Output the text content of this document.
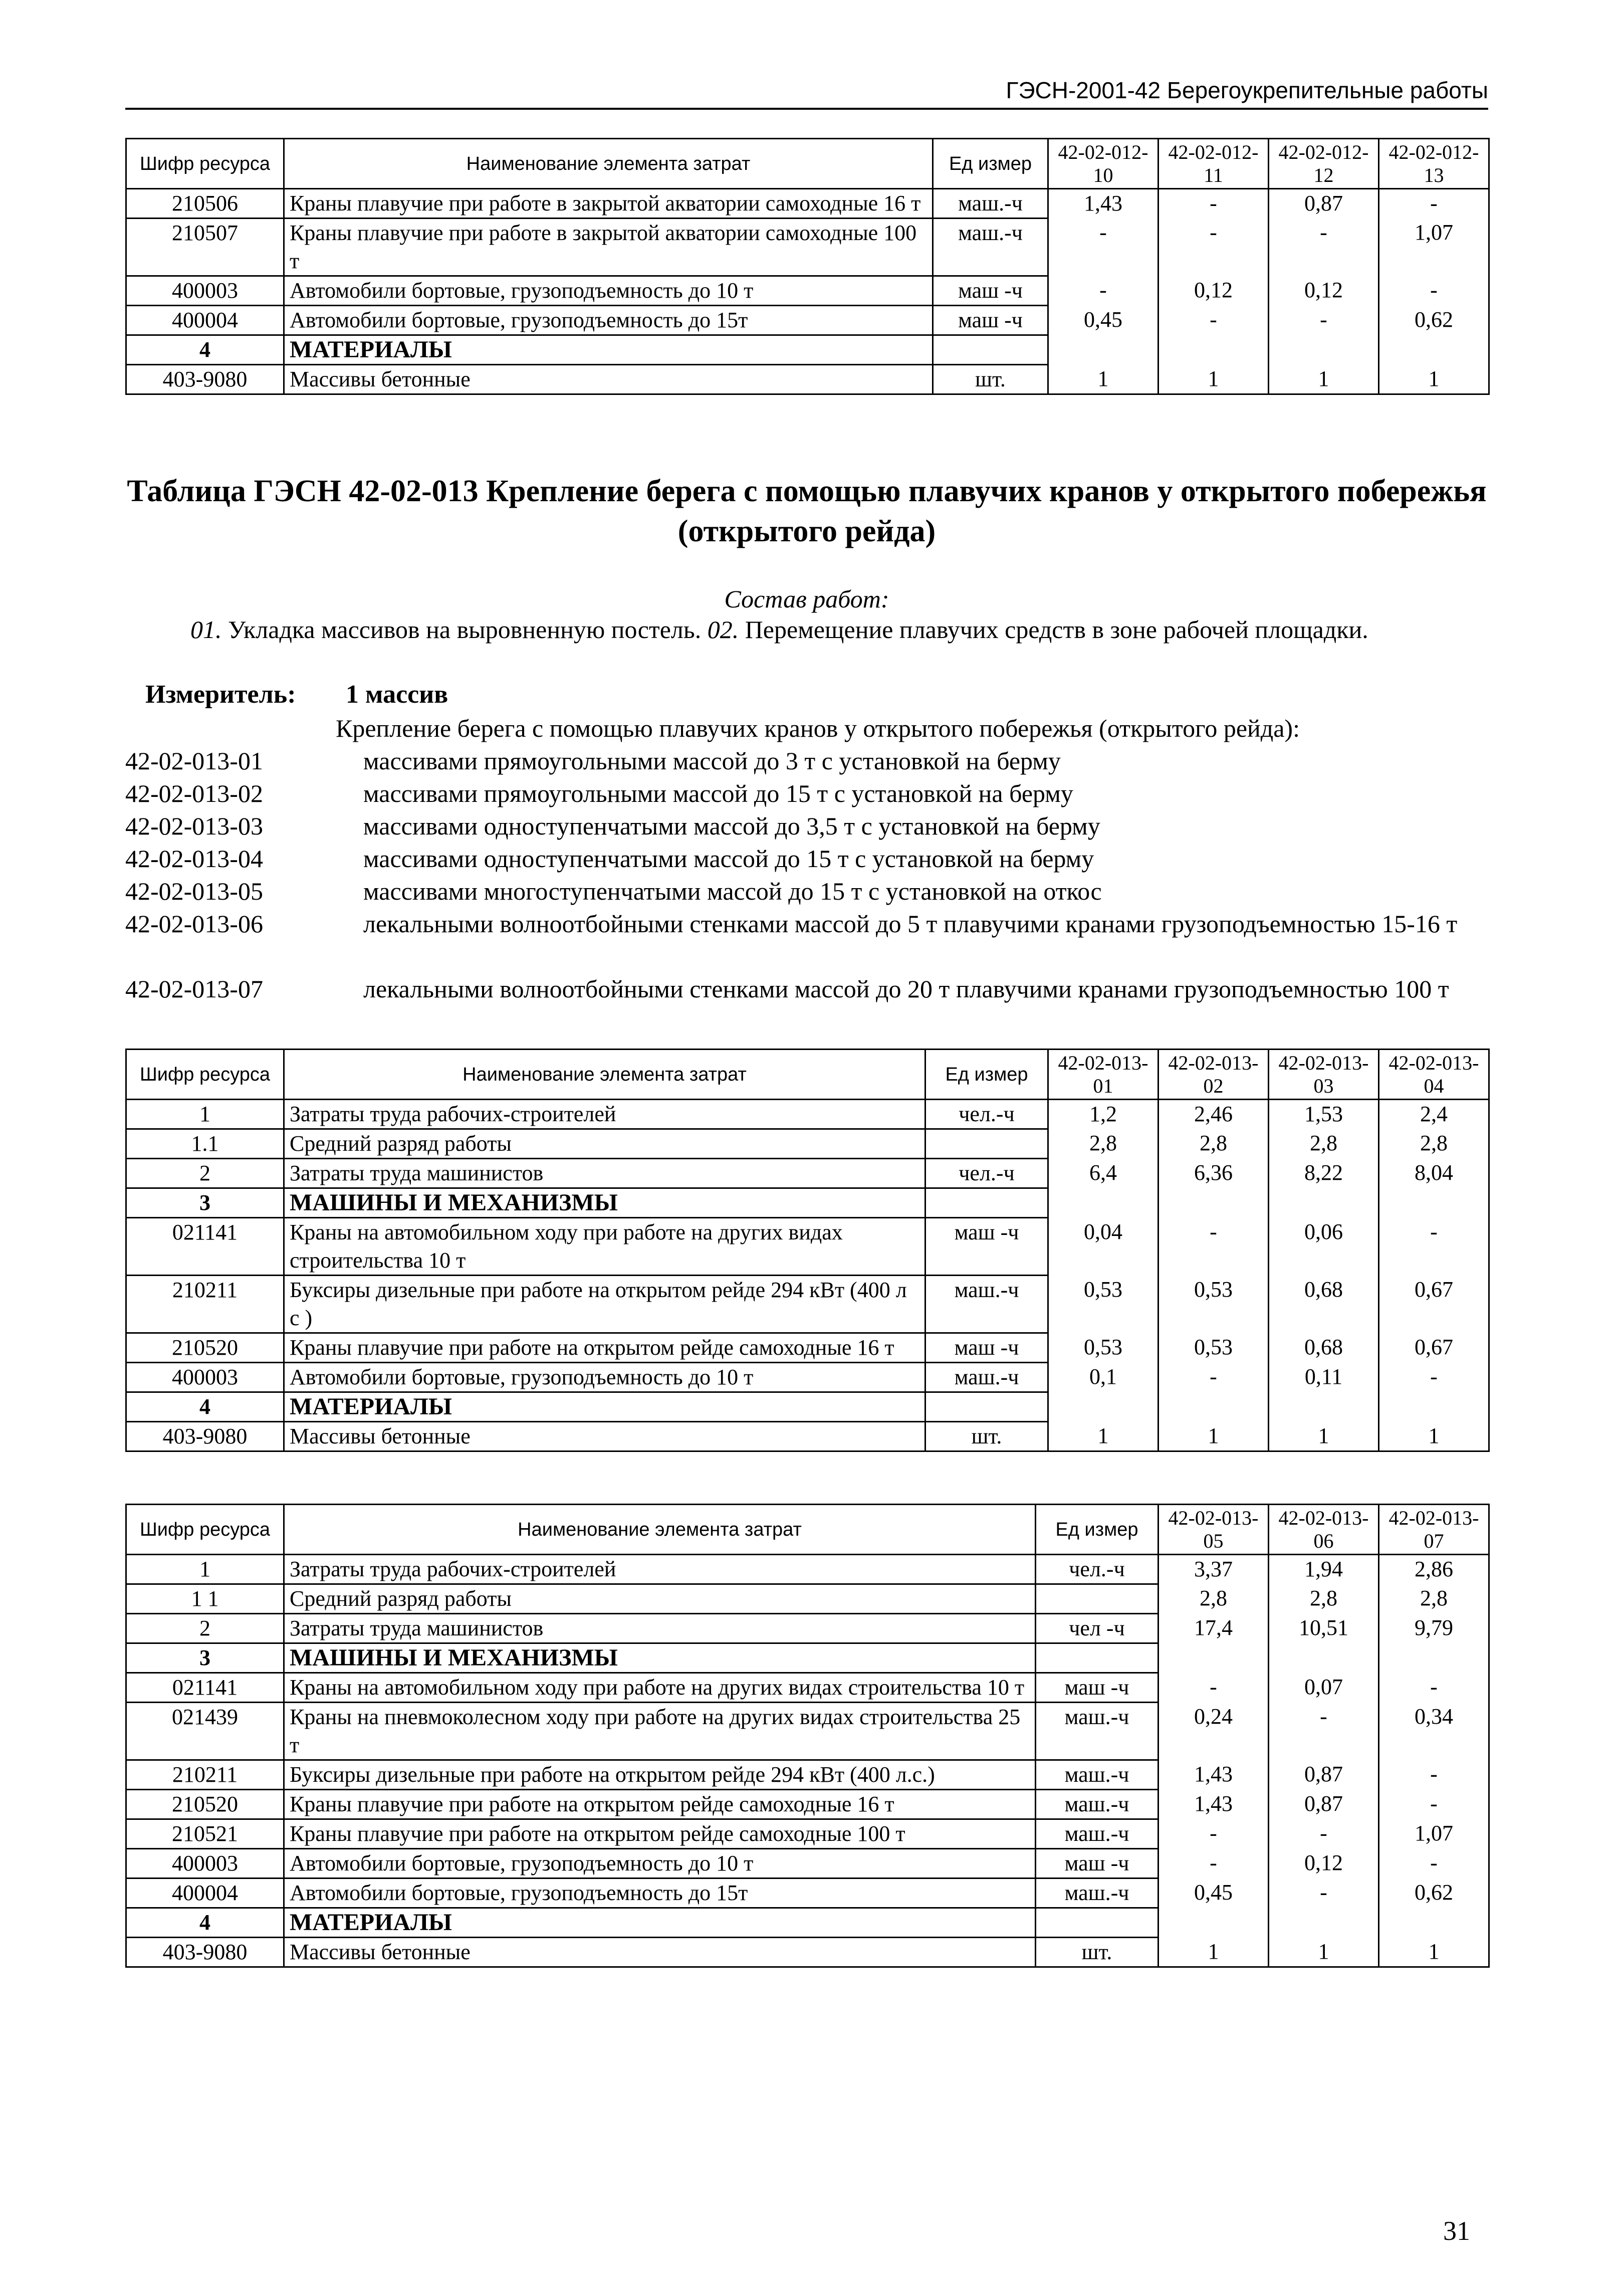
ГЭСН-2001-42 Берегоукрепительные работы
Шифр ресурса	Наименование элемента затрат	Ед измер	42-02-012-10	42-02-012-11	42-02-012-12	42-02-012-13
210506	Краны плавучие при работе в закрытой акватории самоходные 16 т	маш.-ч	1,43	-	0,87	-
210507	Краны плавучие при работе в закрытой акватории самоходные 100 т	маш.-ч	-	-	-	1,07
400003	Автомобили бортовые, грузоподъемность до 10 т	маш -ч	-	0,12	0,12	-
400004	Автомобили бортовые, грузоподъемность до 15т	маш -ч	0,45	-	-	0,62
4	МАТЕРИАЛЫ					
403-9080	Массивы бетонные	шт.	1	1	1	1
Таблица ГЭСН 42-02-013 Крепление берега с помощью плавучих кранов у открытого побережья (открытого рейда)
Состав работ:
01. Укладка массивов на выровненную постель. 02. Перемещение плавучих средств в зоне рабочей площадки.
Измеритель: 1 массив
Крепление берега с помощью плавучих кранов у открытого побережья (открытого рейда):
42-02-013-01	массивами прямоугольными массой до 3 т с установкой на берму
42-02-013-02	массивами прямоугольными массой до 15 т с установкой на берму
42-02-013-03	массивами одноступенчатыми массой до 3,5 т с установкой на берму
42-02-013-04	массивами одноступенчатыми массой до 15 т с установкой на берму
42-02-013-05	массивами многоступенчатыми массой до 15 т с установкой на откос
42-02-013-06	лекальными волноотбойными стенками массой до 5 т плавучими кранами грузоподъемностью 15-16 т
42-02-013-07	лекальными волноотбойными стенками массой до 20 т плавучими кранами грузоподъемностью 100 т
Шифр ресурса	Наименование элемента затрат	Ед измер	42-02-013-01	42-02-013-02	42-02-013-03	42-02-013-04
1	Затраты труда рабочих-строителей	чел.-ч	1,2	2,46	1,53	2,4
1.1	Средний разряд работы		2,8	2,8	2,8	2,8
2	Затраты труда машинистов	чел.-ч	6,4	6,36	8,22	8,04
3	МАШИНЫ И МЕХАНИЗМЫ					
021141	Краны на автомобильном ходу при работе на других видах строительства 10 т	маш -ч	0,04	-	0,06	-
210211	Буксиры дизельные при работе на открытом рейде 294 кВт (400 л с )	маш.-ч	0,53	0,53	0,68	0,67
210520	Краны плавучие при работе на открытом рейде самоходные 16 т	маш -ч	0,53	0,53	0,68	0,67
400003	Автомобили бортовые, грузоподъемность до 10 т	маш.-ч	0,1	-	0,11	-
4	МАТЕРИАЛЫ					
403-9080	Массивы бетонные	шт.	1	1	1	1
Шифр ресурса	Наименование элемента затрат	Ед измер	42-02-013-05	42-02-013-06	42-02-013-07
1	Затраты труда рабочих-строителей	чел.-ч	3,37	1,94	2,86
1 1	Средний разряд работы		2,8	2,8	2,8
2	Затраты труда машинистов	чел -ч	17,4	10,51	9,79
3	МАШИНЫ И МЕХАНИЗМЫ				
021141	Краны на автомобильном ходу при работе на других видах строительства 10 т	маш -ч	-	0,07	-
021439	Краны на пневмоколесном ходу при работе на других видах строительства 25 т	маш.-ч	0,24	-	0,34
210211	Буксиры дизельные при работе на открытом рейде 294 кВт (400 л.с.)	маш.-ч	1,43	0,87	-
210520	Краны плавучие при работе на открытом рейде самоходные 16 т	маш.-ч	1,43	0,87	-
210521	Краны плавучие при работе на открытом рейде самоходные 100 т	маш.-ч	-	-	1,07
400003	Автомобили бортовые, грузоподъемность до 10 т	маш -ч	-	0,12	-
400004	Автомобили бортовые, грузоподъемность до 15т	маш.-ч	0,45	-	0,62
4	МАТЕРИАЛЫ				
403-9080	Массивы бетонные	шт.	1	1	1
31
